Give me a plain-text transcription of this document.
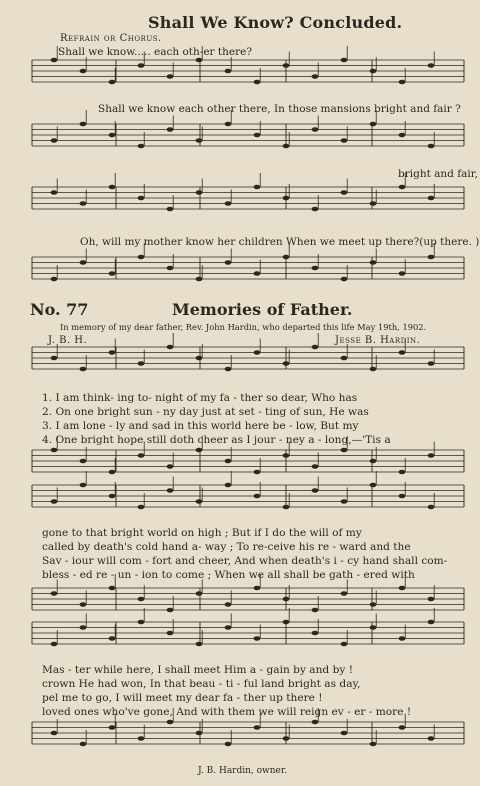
Shall We Know? Concluded.
Refrain or Chorus.
Shall we know..... each oth-er there?
Shall we know each other there, In those mansions bright and fair ?
bright and fair,
Oh, will my mother know her children When we meet up there?(up there. )
No. 77	Memories of Father.
In memory of my dear father, Rev. John Hardin, who departed this life May 19th, 1902.
J. B. H.	Jesse B. Hardin.
1. I am think- ing to- night of my fa - ther so dear, Who has
2. On one bright sun - ny day just at set - ting of sun, He was
3. I am lone - ly and sad in this world here be - low, But my
4. One bright hope still doth cheer as I jour - ney a - long,—'Tis a
gone to that bright world on high ; But if I do the will of my
called by death's cold hand a- way ; To re-ceive his re - ward and the
Sav - iour will com - fort and cheer, And when death's i - cy hand shall com-
bless - ed re - un - ion to come ; When we all shall be gath - ered with
Mas - ter while here, I shall meet Him a - gain by and by !
crown He had won, In that beau - ti - ful land bright as day,
pel me to go, I will meet my dear fa - ther up there !
loved ones who've gone, And with them we will reign ev - er - more !
J. B. Hardin, owner.
